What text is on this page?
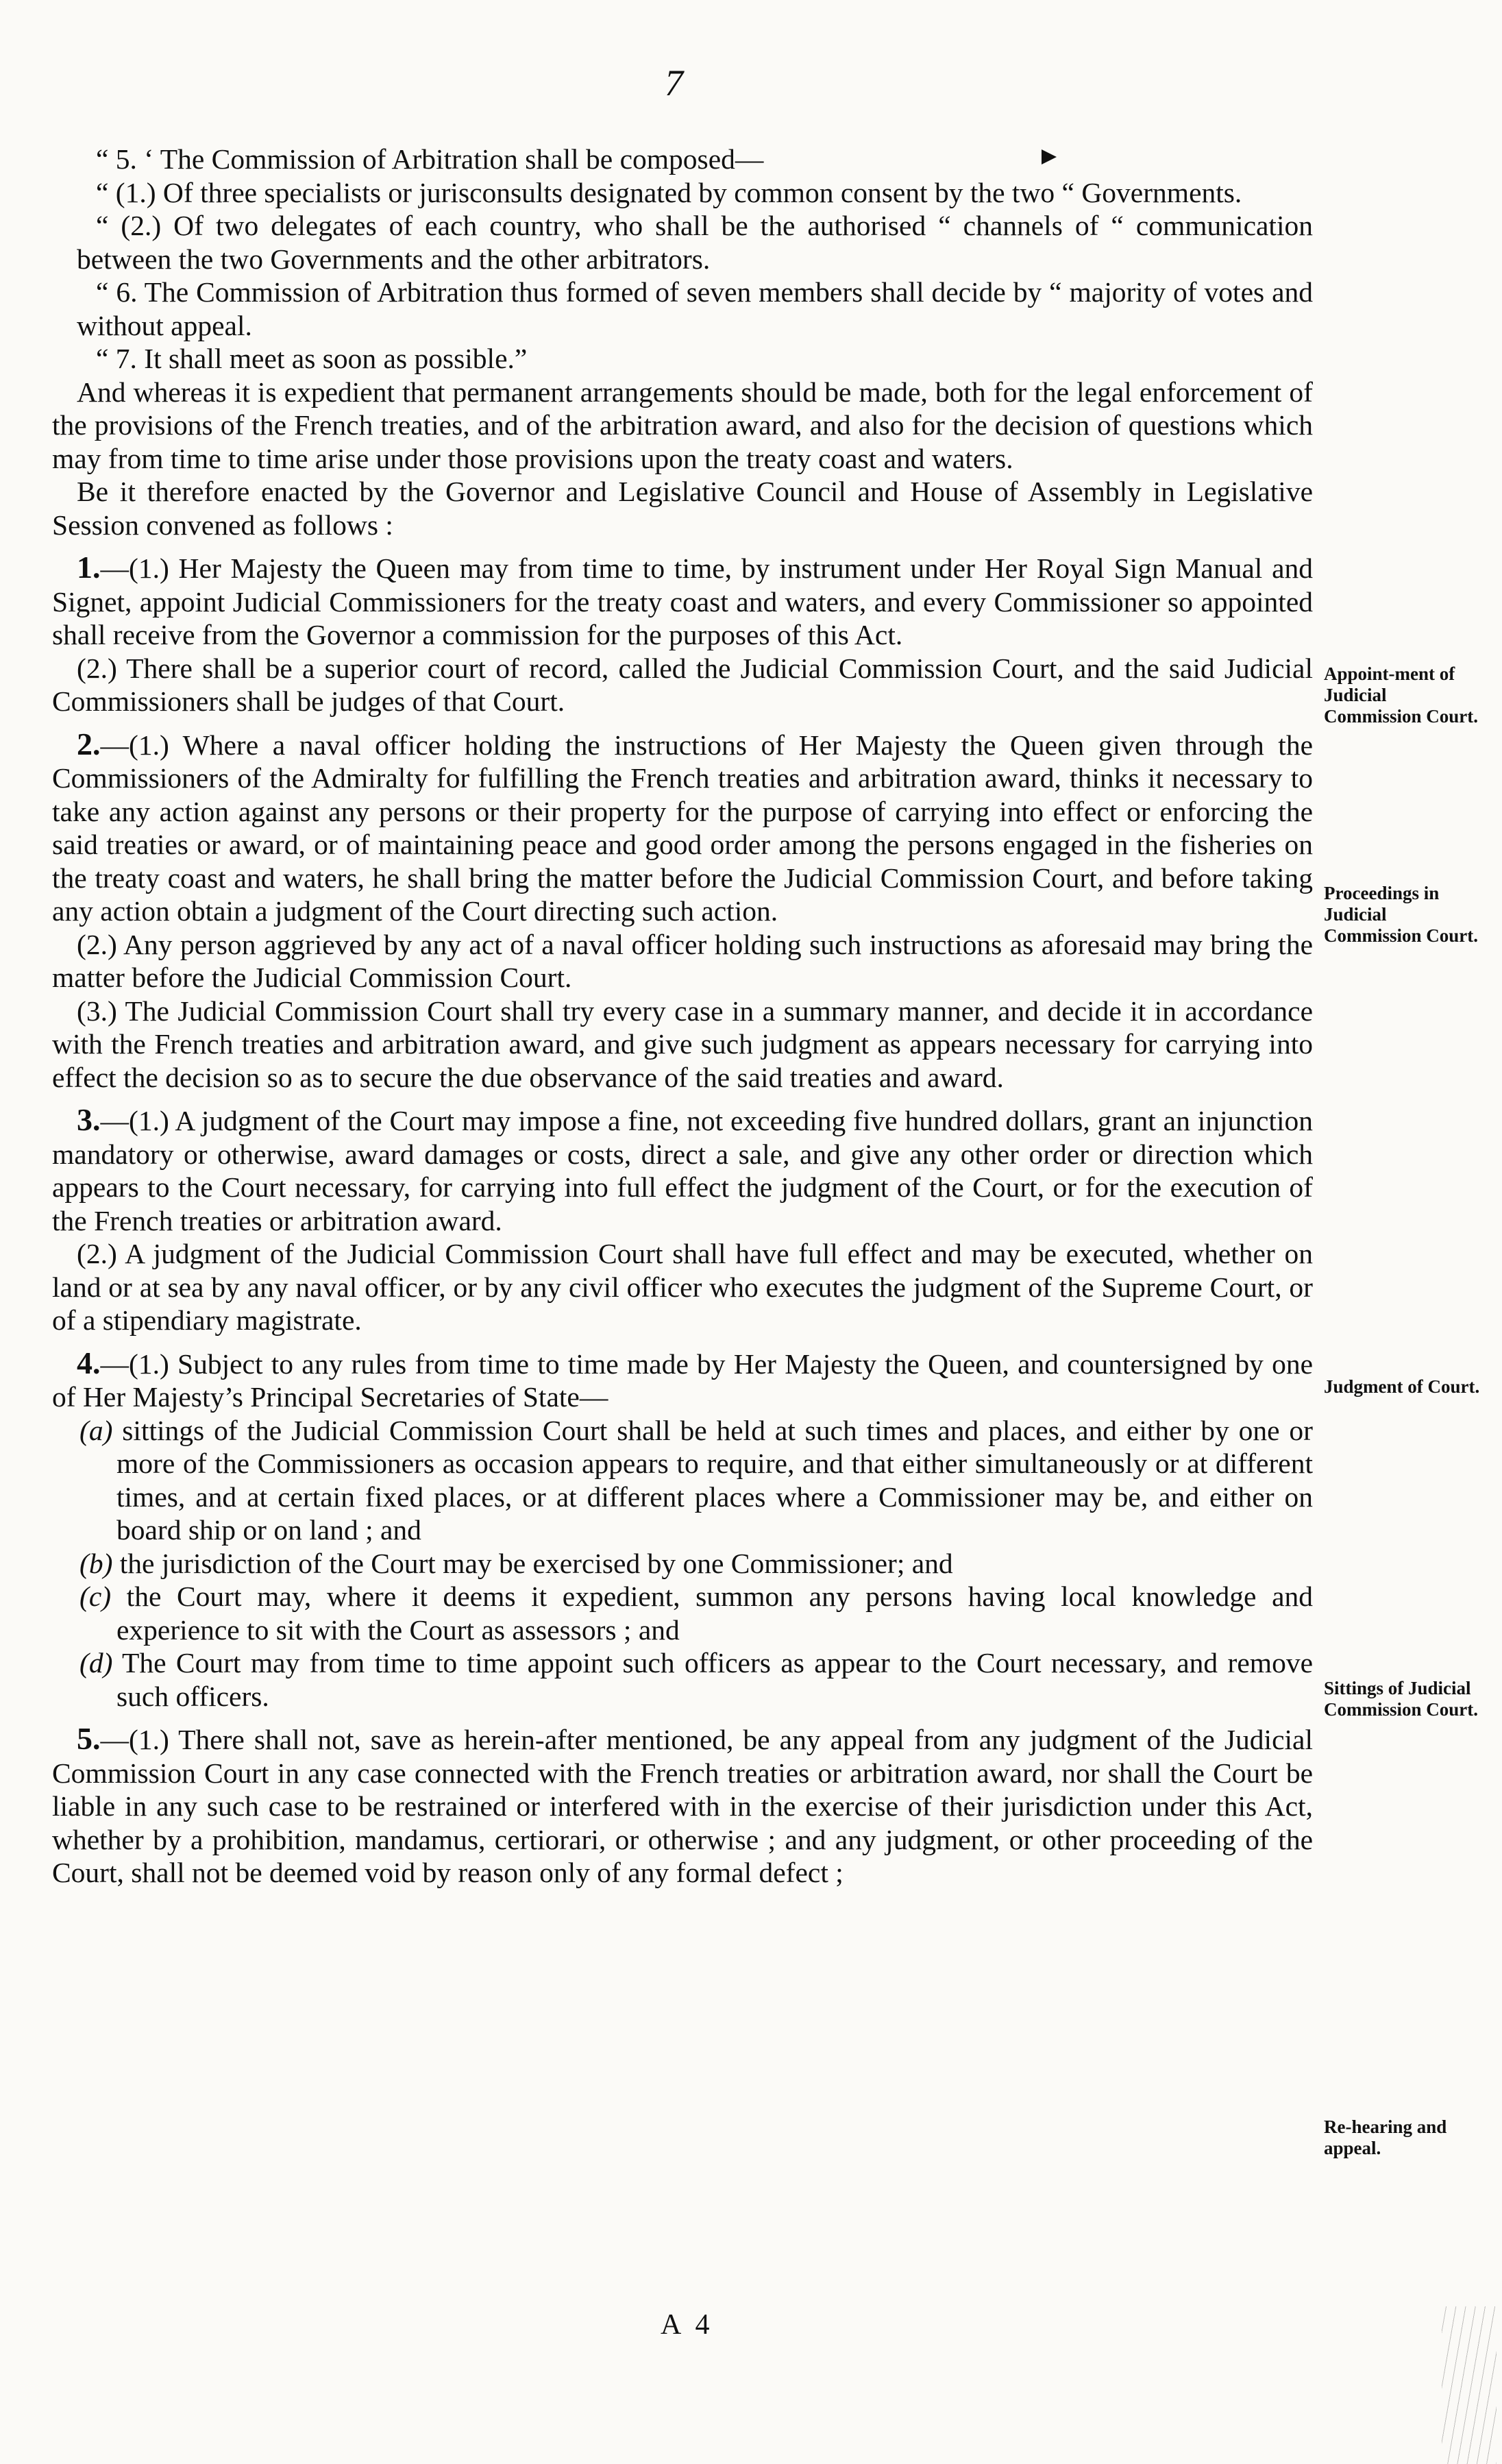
7

“ 5. ‘ The Commission of Arbitration shall be composed—

“ (1.) Of three specialists or jurisconsults designated by common consent by the two “ Governments.

“ (2.) Of two delegates of each country, who shall be the authorised “ channels of “ communication between the two Governments and the other arbitrators.

“ 6. The Commission of Arbitration thus formed of seven members shall decide by “ majority of votes and without appeal.

“ 7. It shall meet as soon as possible.”

And whereas it is expedient that permanent arrangements should be made, both for the legal enforcement of the provisions of the French treaties, and of the arbitration award, and also for the decision of questions which may from time to time arise under those provisions upon the treaty coast and waters.

Be it therefore enacted by the Governor and Legislative Council and House of Assembly in Legislative Session convened as follows :

1.—(1.) Her Majesty the Queen may from time to time, by instrument under Her Royal Sign Manual and Signet, appoint Judicial Commissioners for the treaty coast and waters, and every Commissioner so appointed shall receive from the Governor a commission for the purposes of this Act.

(2.) There shall be a superior court of record, called the Judicial Commission Court, and the said Judicial Commissioners shall be judges of that Court.

2.—(1.) Where a naval officer holding the instructions of Her Majesty the Queen given through the Commissioners of the Admiralty for fulfilling the French treaties and arbitration award, thinks it necessary to take any action against any persons or their property for the purpose of carrying into effect or enforcing the said treaties or award, or of maintaining peace and good order among the persons engaged in the fisheries on the treaty coast and waters, he shall bring the matter before the Judicial Commission Court, and before taking any action obtain a judgment of the Court directing such action.

(2.) Any person aggrieved by any act of a naval officer holding such instructions as aforesaid may bring the matter before the Judicial Commission Court.

(3.) The Judicial Commission Court shall try every case in a summary manner, and decide it in accordance with the French treaties and arbitration award, and give such judgment as appears necessary for carrying into effect the decision so as to secure the due observance of the said treaties and award.

3.—(1.) A judgment of the Court may impose a fine, not exceeding five hundred dollars, grant an injunction mandatory or otherwise, award damages or costs, direct a sale, and give any other order or direction which appears to the Court necessary, for carrying into full effect the judgment of the Court, or for the execution of the French treaties or arbitration award.

(2.) A judgment of the Judicial Commission Court shall have full effect and may be executed, whether on land or at sea by any naval officer, or by any civil officer who executes the judgment of the Supreme Court, or of a stipendiary magistrate.

4.—(1.) Subject to any rules from time to time made by Her Majesty the Queen, and countersigned by one of Her Majesty’s Principal Secretaries of State—

(a) sittings of the Judicial Commission Court shall be held at such times and places, and either by one or more of the Commissioners as occasion appears to require, and that either simultaneously or at different times, and at certain fixed places, or at different places where a Commissioner may be, and either on board ship or on land ; and

(b) the jurisdiction of the Court may be exercised by one Commissioner; and

(c) the Court may, where it deems it expedient, summon any persons having local knowledge and experience to sit with the Court as assessors ; and

(d) The Court may from time to time appoint such officers as appear to the Court necessary, and remove such officers.

5.—(1.) There shall not, save as herein-after mentioned, be any appeal from any judgment of the Judicial Commission Court in any case connected with the French treaties or arbitration award, nor shall the Court be liable in any such case to be restrained or interfered with in the exercise of their jurisdiction under this Act, whether by a prohibition, mandamus, certiorari, or otherwise ; and any judgment, or other proceeding of the Court, shall not be deemed void by reason only of any formal defect ;

Appoint-ment of Judicial Commission Court.
Proceedings in Judicial Commission Court.
Judgment of Court.
Sittings of Judicial Commission Court.
Re-hearing and appeal.
A 4
